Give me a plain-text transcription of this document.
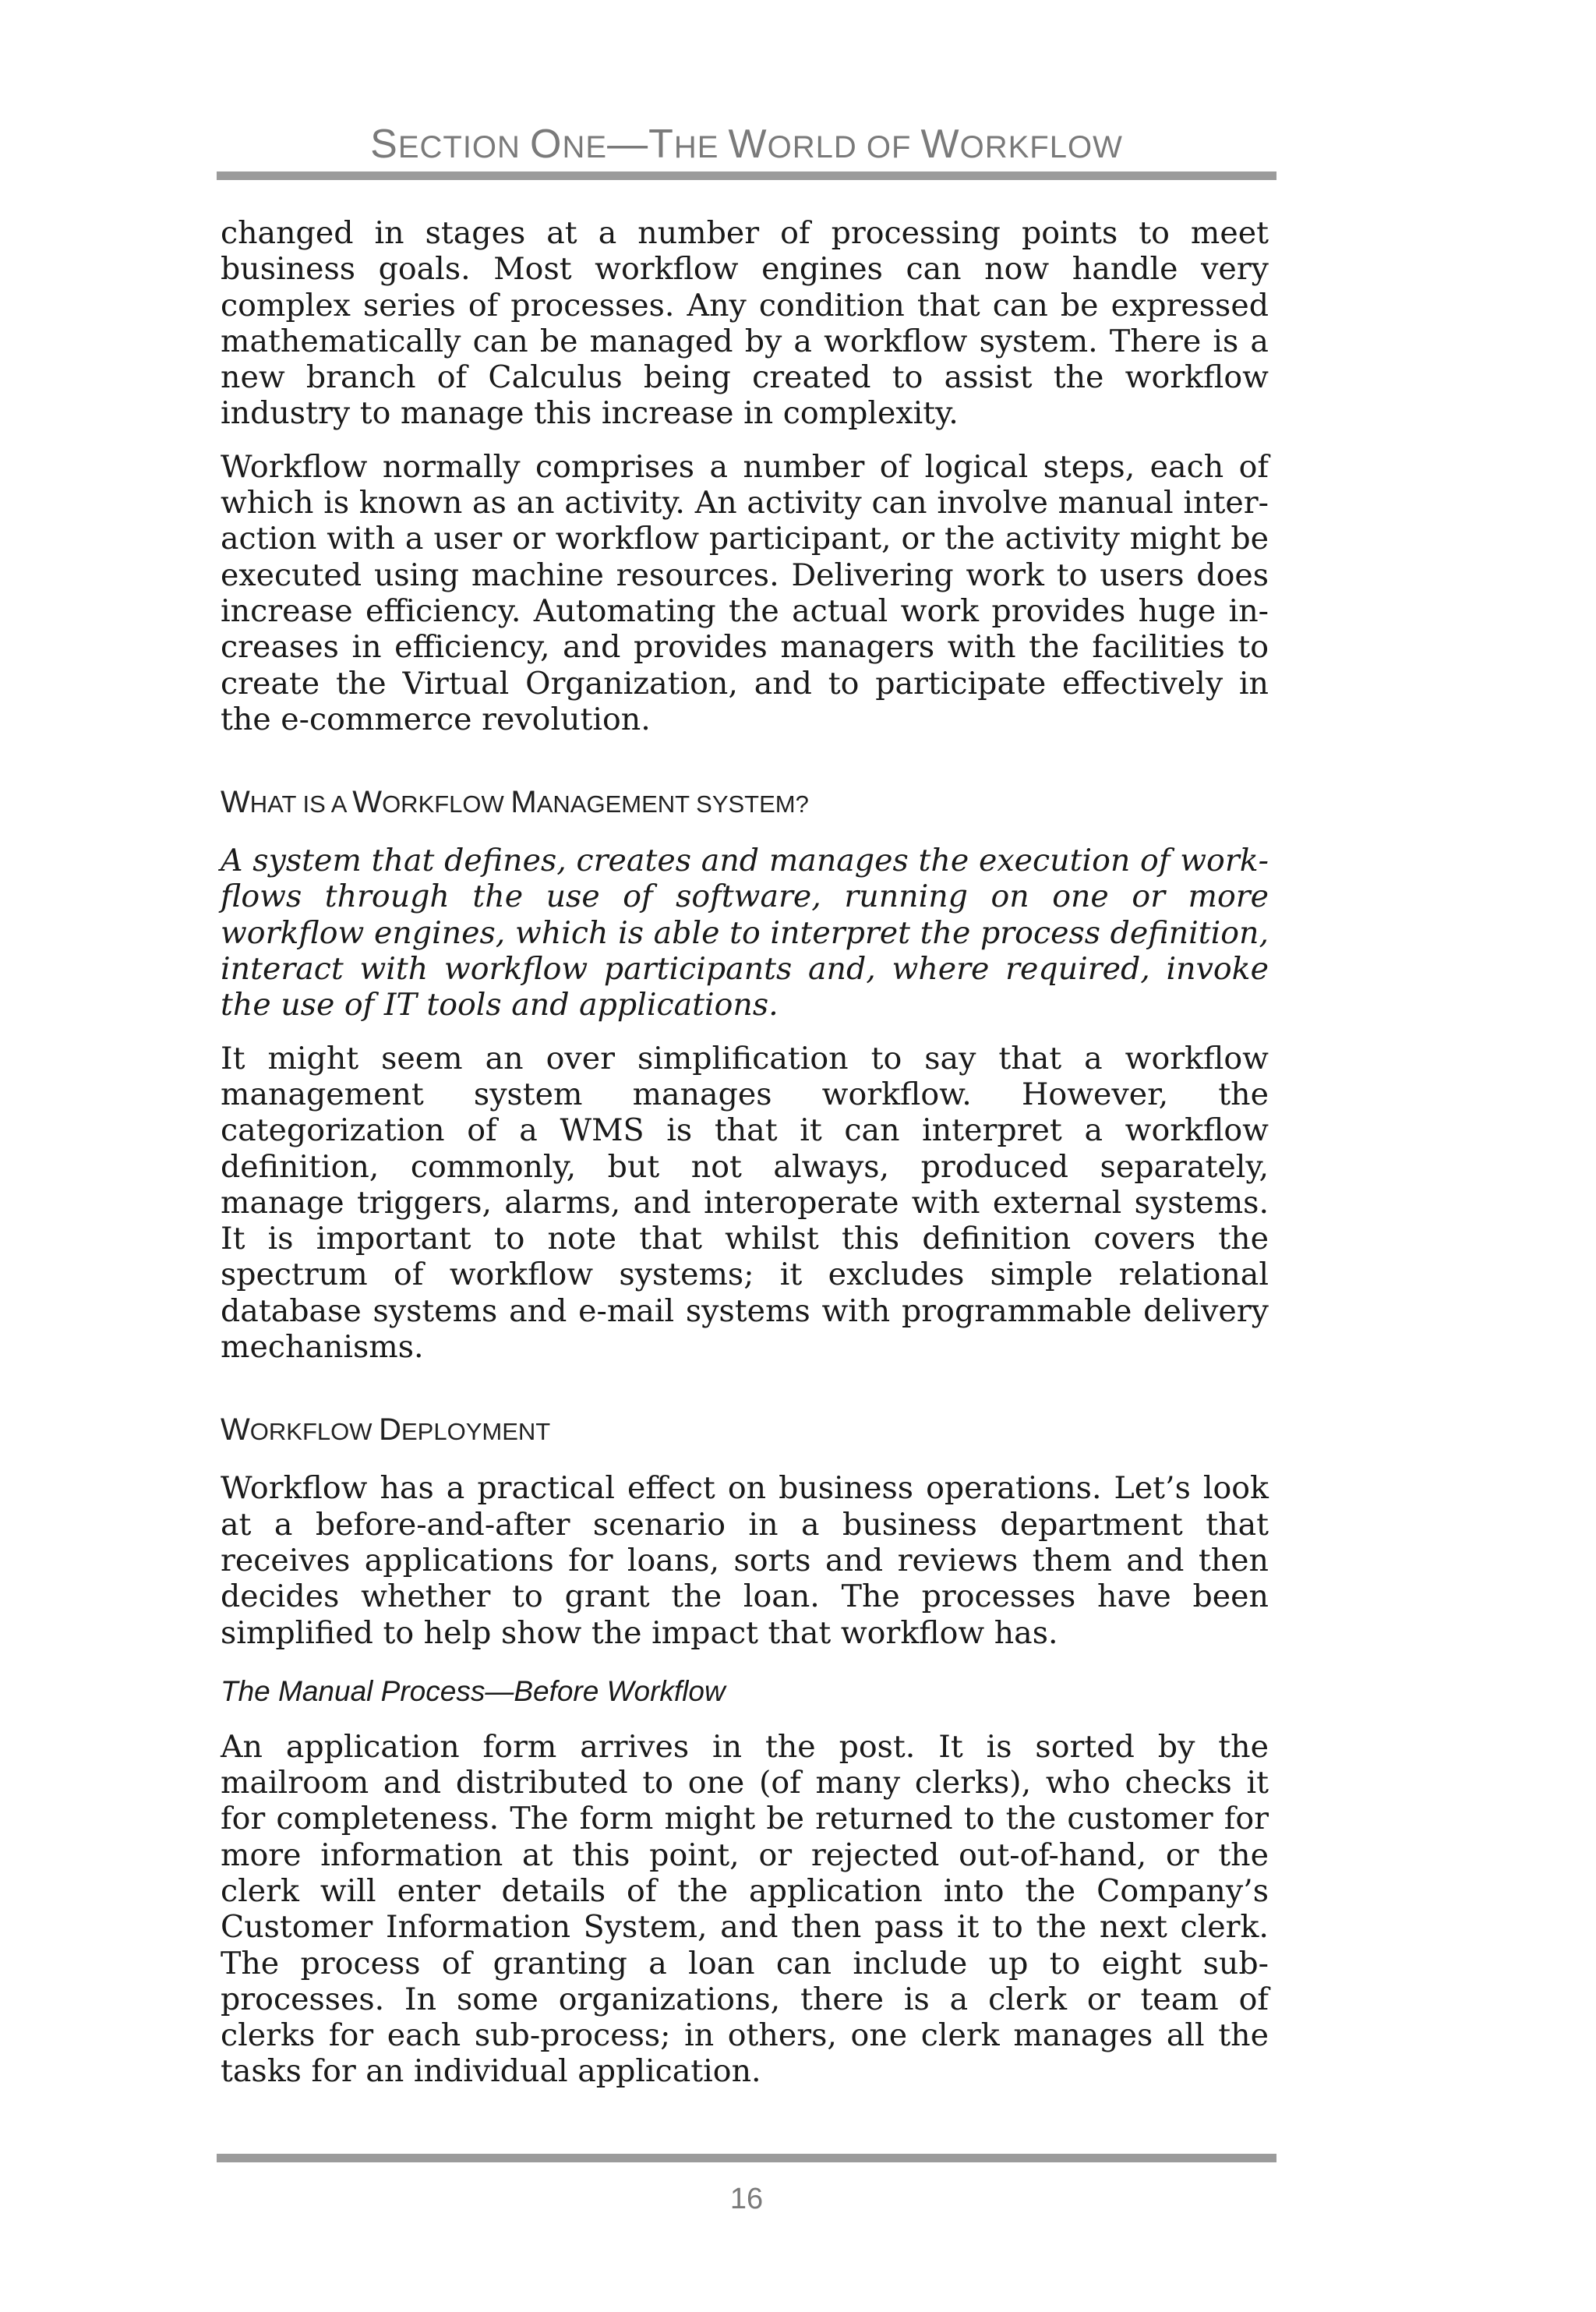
SECTION ONE—THE WORLD OF WORKFLOW

changed in stages at a number of processing points to meet business goals. Most workflow engines can now handle very complex series of processes. Any condition that can be expressed mathematically can be managed by a workflow system. There is a new branch of Calculus being created to assist the workflow industry to manage this increase in complexity.

Workflow normally comprises a number of logical steps, each of which is known as an activity. An activity can involve manual interaction with a user or workflow participant, or the activity might be executed using machine resources. Delivering work to users does increase efficiency. Automating the actual work provides huge increases in efficiency, and provides managers with the facilities to create the Virtual Organization, and to participate effectively in the e-commerce revolution.

WHAT IS A WORKFLOW MANAGEMENT SYSTEM?

A system that defines, creates and manages the execution of workflows through the use of software, running on one or more workflow engines, which is able to interpret the process definition, interact with workflow participants and, where required, invoke the use of IT tools and applications.

It might seem an over simplification to say that a workflow management system manages workflow. However, the categorization of a WMS is that it can interpret a workflow definition, commonly, but not always, produced separately, manage triggers, alarms, and interoperate with external systems. It is important to note that whilst this definition covers the spectrum of workflow systems; it excludes simple relational database systems and e-mail systems with programmable delivery mechanisms.

WORKFLOW DEPLOYMENT

Workflow has a practical effect on business operations. Let’s look at a before-and-after scenario in a business department that receives applications for loans, sorts and reviews them and then decides whether to grant the loan. The processes have been simplified to help show the impact that workflow has.

The Manual Process—Before Workflow

An application form arrives in the post. It is sorted by the mailroom and distributed to one (of many clerks), who checks it for completeness. The form might be returned to the customer for more information at this point, or rejected out-of-hand, or the clerk will enter details of the application into the Company’s Customer Information System, and then pass it to the next clerk. The process of granting a loan can include up to eight sub-processes. In some organizations, there is a clerk or team of clerks for each sub-process; in others, one clerk manages all the tasks for an individual application.

16
